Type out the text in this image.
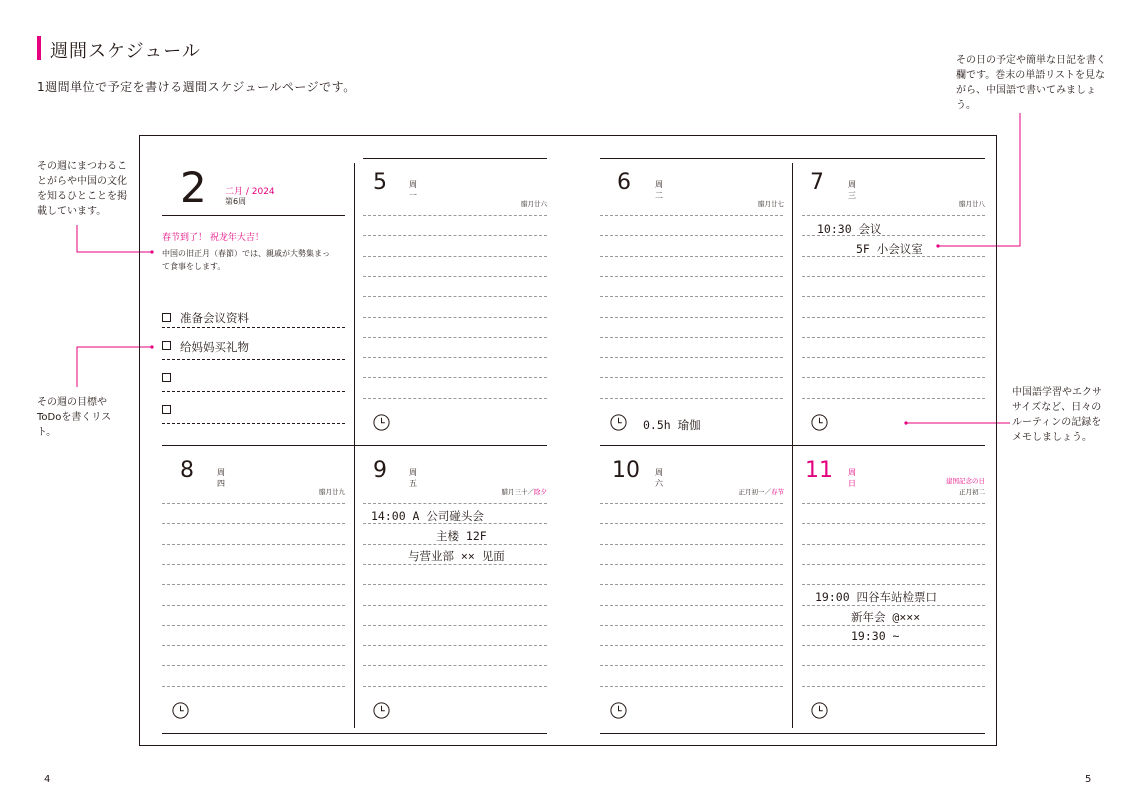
週間スケジュール
1週間単位で予定を書ける週間スケジュールページです。
その週にまつわることがらや中国の文化を知るひとことを掲載しています。
その週の目標やToDoを書くリスト。
その日の予定や簡単な日記を書く欄です。巻末の単語リストを見ながら、中国語で書いてみましょう。
中国語学習やエクササイズなど、日々のルーティンの記録をメモしましょう。
2 二月 / 2024
第6周
春节到了！ 祝龙年大吉！
中国の旧正月（春節）では、親戚が大勢集まって食事をします。
准备会议资料
给妈妈买礼物
5	周一
腊月廿六
6	周二
腊月廿七
7	周三
腊月廿八
8	周四
腊月廿九
9	周五
腊月三十／除夕
10 周六
正月初一／春节
11 周日	建国記念の日
正月初二
10:30 会议
5F 小会议室
0.5h 瑜伽
14:00 A 公司碰头会
主楼 12F
与营业部 ×× 见面
19:00 四谷车站检票口
新年会 @×××
19:30 ~
4	5
